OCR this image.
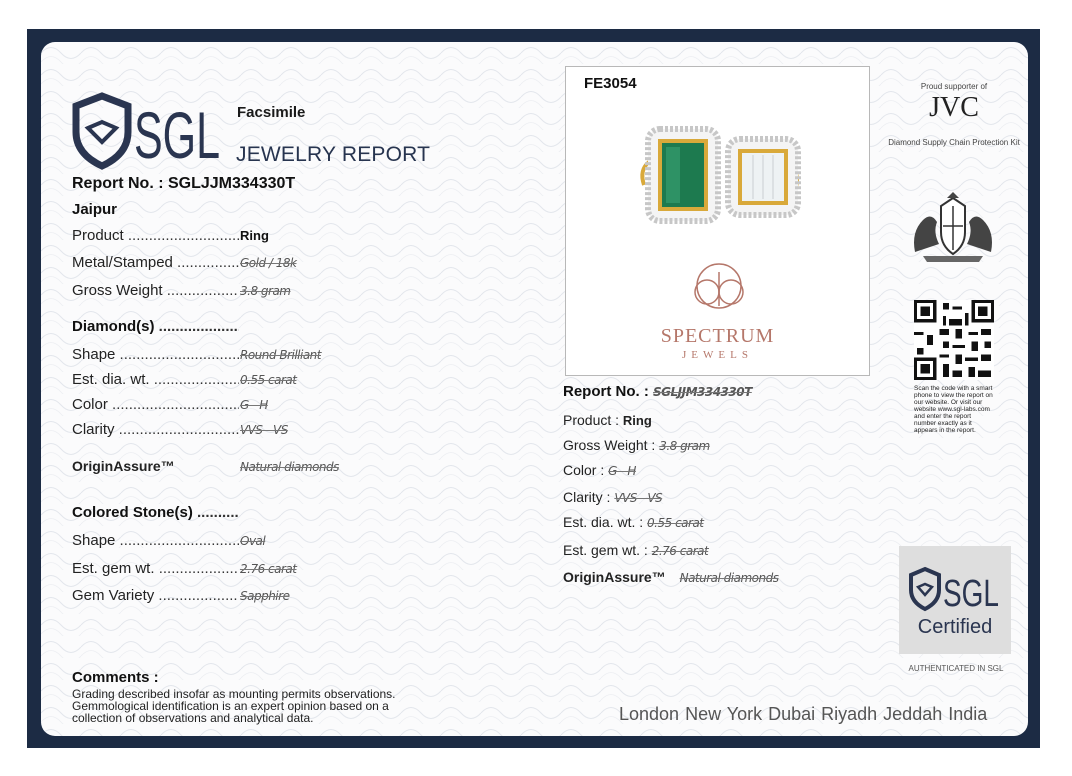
SGL Facsimile
JEWELRY REPORT
Report No. : SGLJJM334330T
Jaipur
Product .....	Ring
Metal/Stamped .....	Gold / 18k
Gross Weight .....	3.8 gram
Diamond(s) .....
Shape .....	Round Brilliant
Est. dia. wt. .....	0.55 carat
Color .....	G - H
Clarity .....	VVS - VS
OriginAssure™	Natural diamonds
Colored Stone(s) .....
Shape .....	Oval
Est. gem wt. .....	2.76 carat
Gem Variety .....	Sapphire
Comments :
Grading described insofar as mounting permits observations.
Gemmological identification is an expert opinion based on a
collection of observations and analytical data.
FE3054
SPECTRUM
JEWELS
Report No. : SGLJJM334330T
Product : Ring
Gross Weight : 3.8 gram
Color : G - H
Clarity : VVS - VS
Est. dia. wt. : 0.55 carat
Est. gem wt. : 2.76 carat
OriginAssure™ Natural diamonds
Proud supporter of
JVC
Diamond Supply Chain Protection Kit
Scan the code with a smart phone to view the report on our website. Or visit our website www.sgl-labs.com and enter the report number exactly as it appears in the report.
SGL
Certified
AUTHENTICATED IN SGL
London New York Dubai Riyadh Jeddah India
